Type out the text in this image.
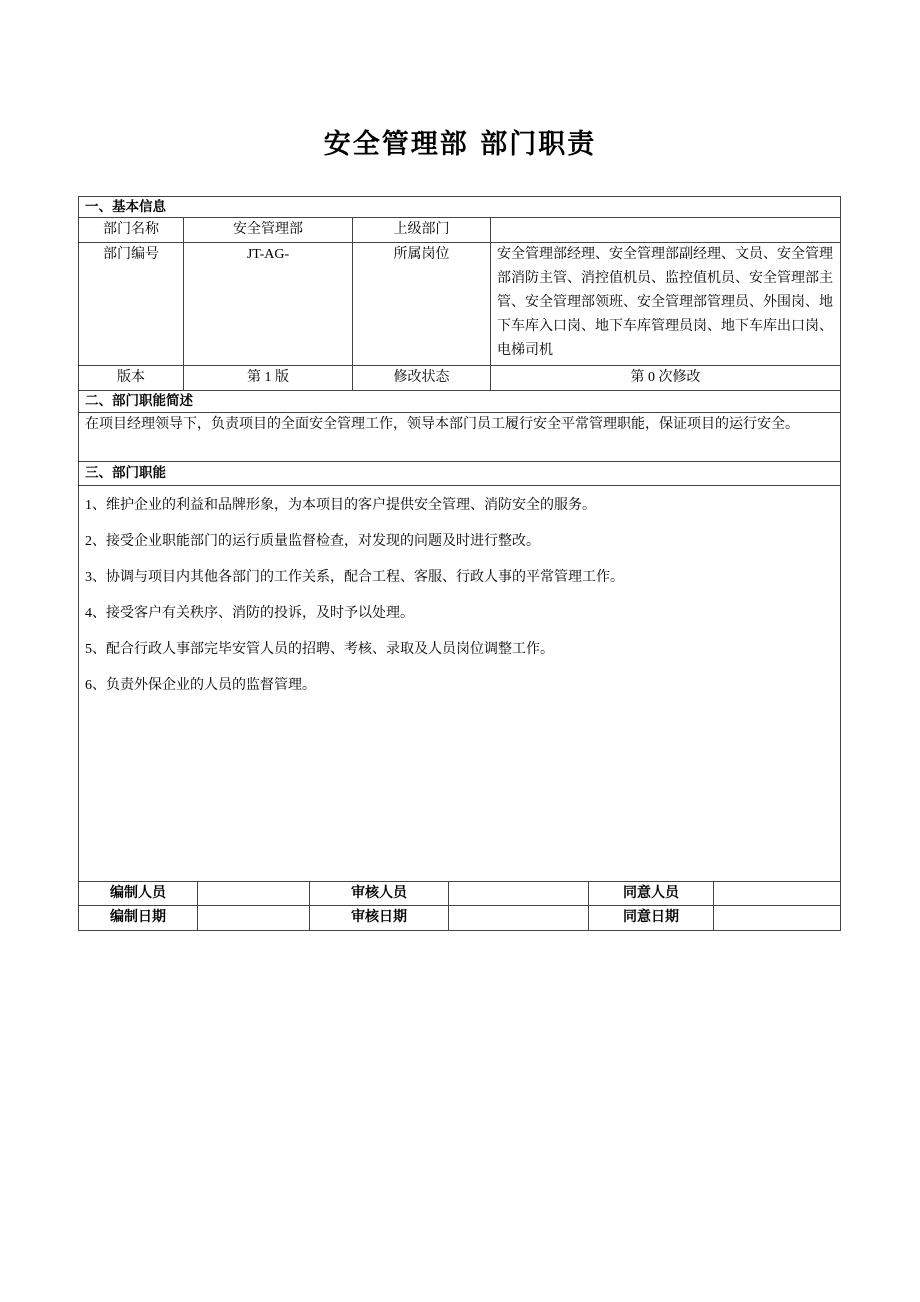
安全管理部 部门职责
一、基本信息
部门名称	安全管理部	上级部门
部门编号	JT-AG-	所属岗位	安全管理部经理、安全管理部副经理、文员、安全管理部消防主管、消控值机员、监控值机员、安全管理部主管、安全管理部领班、安全管理部管理员、外围岗、地下车库入口岗、地下车库管理员岗、地下车库出口岗、电梯司机
版本	第 1 版	修改状态	第 0 次修改
二、部门职能简述
在项目经理领导下，负责项目的全面安全管理工作，领导本部门员工履行安全平常管理职能，保证项目的运行安全。
三、部门职能

1、维护企业的利益和品牌形象，为本项目的客户提供安全管理、消防安全的服务。

2、接受企业职能部门的运行质量监督检查，对发现的问题及时进行整改。

3、协调与项目内其他各部门的工作关系，配合工程、客服、行政人事的平常管理工作。

4、接受客户有关秩序、消防的投诉，及时予以处理。

5、配合行政人事部完毕安管人员的招聘、考核、录取及人员岗位调整工作。

6、负责外保企业的人员的监督管理。

编制人员	审核人员	同意人员
编制日期	审核日期	同意日期
